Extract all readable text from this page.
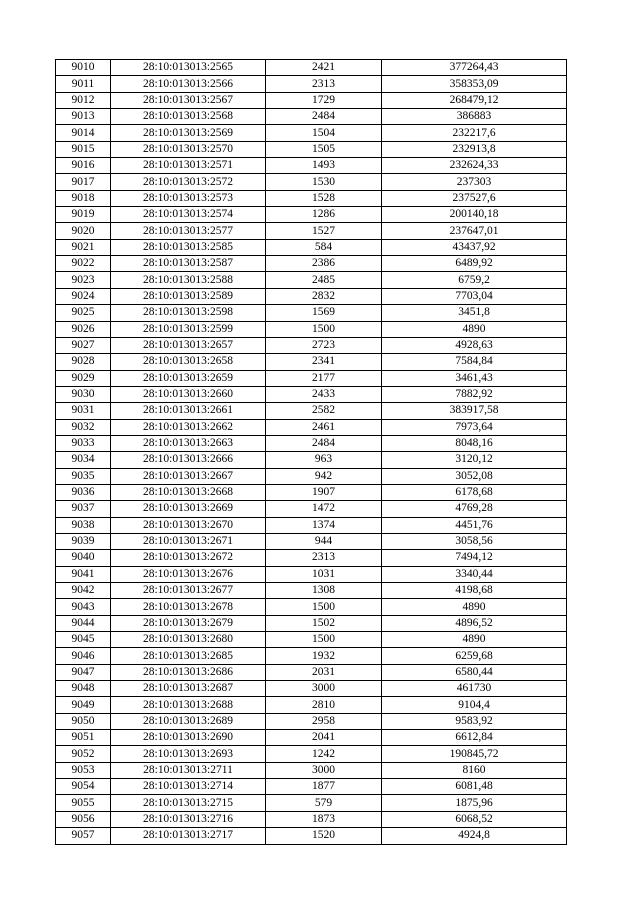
9010	28:10:013013:2565	2421	377264,43
9011	28:10:013013:2566	2313	358353,09
9012	28:10:013013:2567	1729	268479,12
9013	28:10:013013:2568	2484	386883
9014	28:10:013013:2569	1504	232217,6
9015	28:10:013013:2570	1505	232913,8
9016	28:10:013013:2571	1493	232624,33
9017	28:10:013013:2572	1530	237303
9018	28:10:013013:2573	1528	237527,6
9019	28:10:013013:2574	1286	200140,18
9020	28:10:013013:2577	1527	237647,01
9021	28:10:013013:2585	584	43437,92
9022	28:10:013013:2587	2386	6489,92
9023	28:10:013013:2588	2485	6759,2
9024	28:10:013013:2589	2832	7703,04
9025	28:10:013013:2598	1569	3451,8
9026	28:10:013013:2599	1500	4890
9027	28:10:013013:2657	2723	4928,63
9028	28:10:013013:2658	2341	7584,84
9029	28:10:013013:2659	2177	3461,43
9030	28:10:013013:2660	2433	7882,92
9031	28:10:013013:2661	2582	383917,58
9032	28:10:013013:2662	2461	7973,64
9033	28:10:013013:2663	2484	8048,16
9034	28:10:013013:2666	963	3120,12
9035	28:10:013013:2667	942	3052,08
9036	28:10:013013:2668	1907	6178,68
9037	28:10:013013:2669	1472	4769,28
9038	28:10:013013:2670	1374	4451,76
9039	28:10:013013:2671	944	3058,56
9040	28:10:013013:2672	2313	7494,12
9041	28:10:013013:2676	1031	3340,44
9042	28:10:013013:2677	1308	4198,68
9043	28:10:013013:2678	1500	4890
9044	28:10:013013:2679	1502	4896,52
9045	28:10:013013:2680	1500	4890
9046	28:10:013013:2685	1932	6259,68
9047	28:10:013013:2686	2031	6580,44
9048	28:10:013013:2687	3000	461730
9049	28:10:013013:2688	2810	9104,4
9050	28:10:013013:2689	2958	9583,92
9051	28:10:013013:2690	2041	6612,84
9052	28:10:013013:2693	1242	190845,72
9053	28:10:013013:2711	3000	8160
9054	28:10:013013:2714	1877	6081,48
9055	28:10:013013:2715	579	1875,96
9056	28:10:013013:2716	1873	6068,52
9057	28:10:013013:2717	1520	4924,8
